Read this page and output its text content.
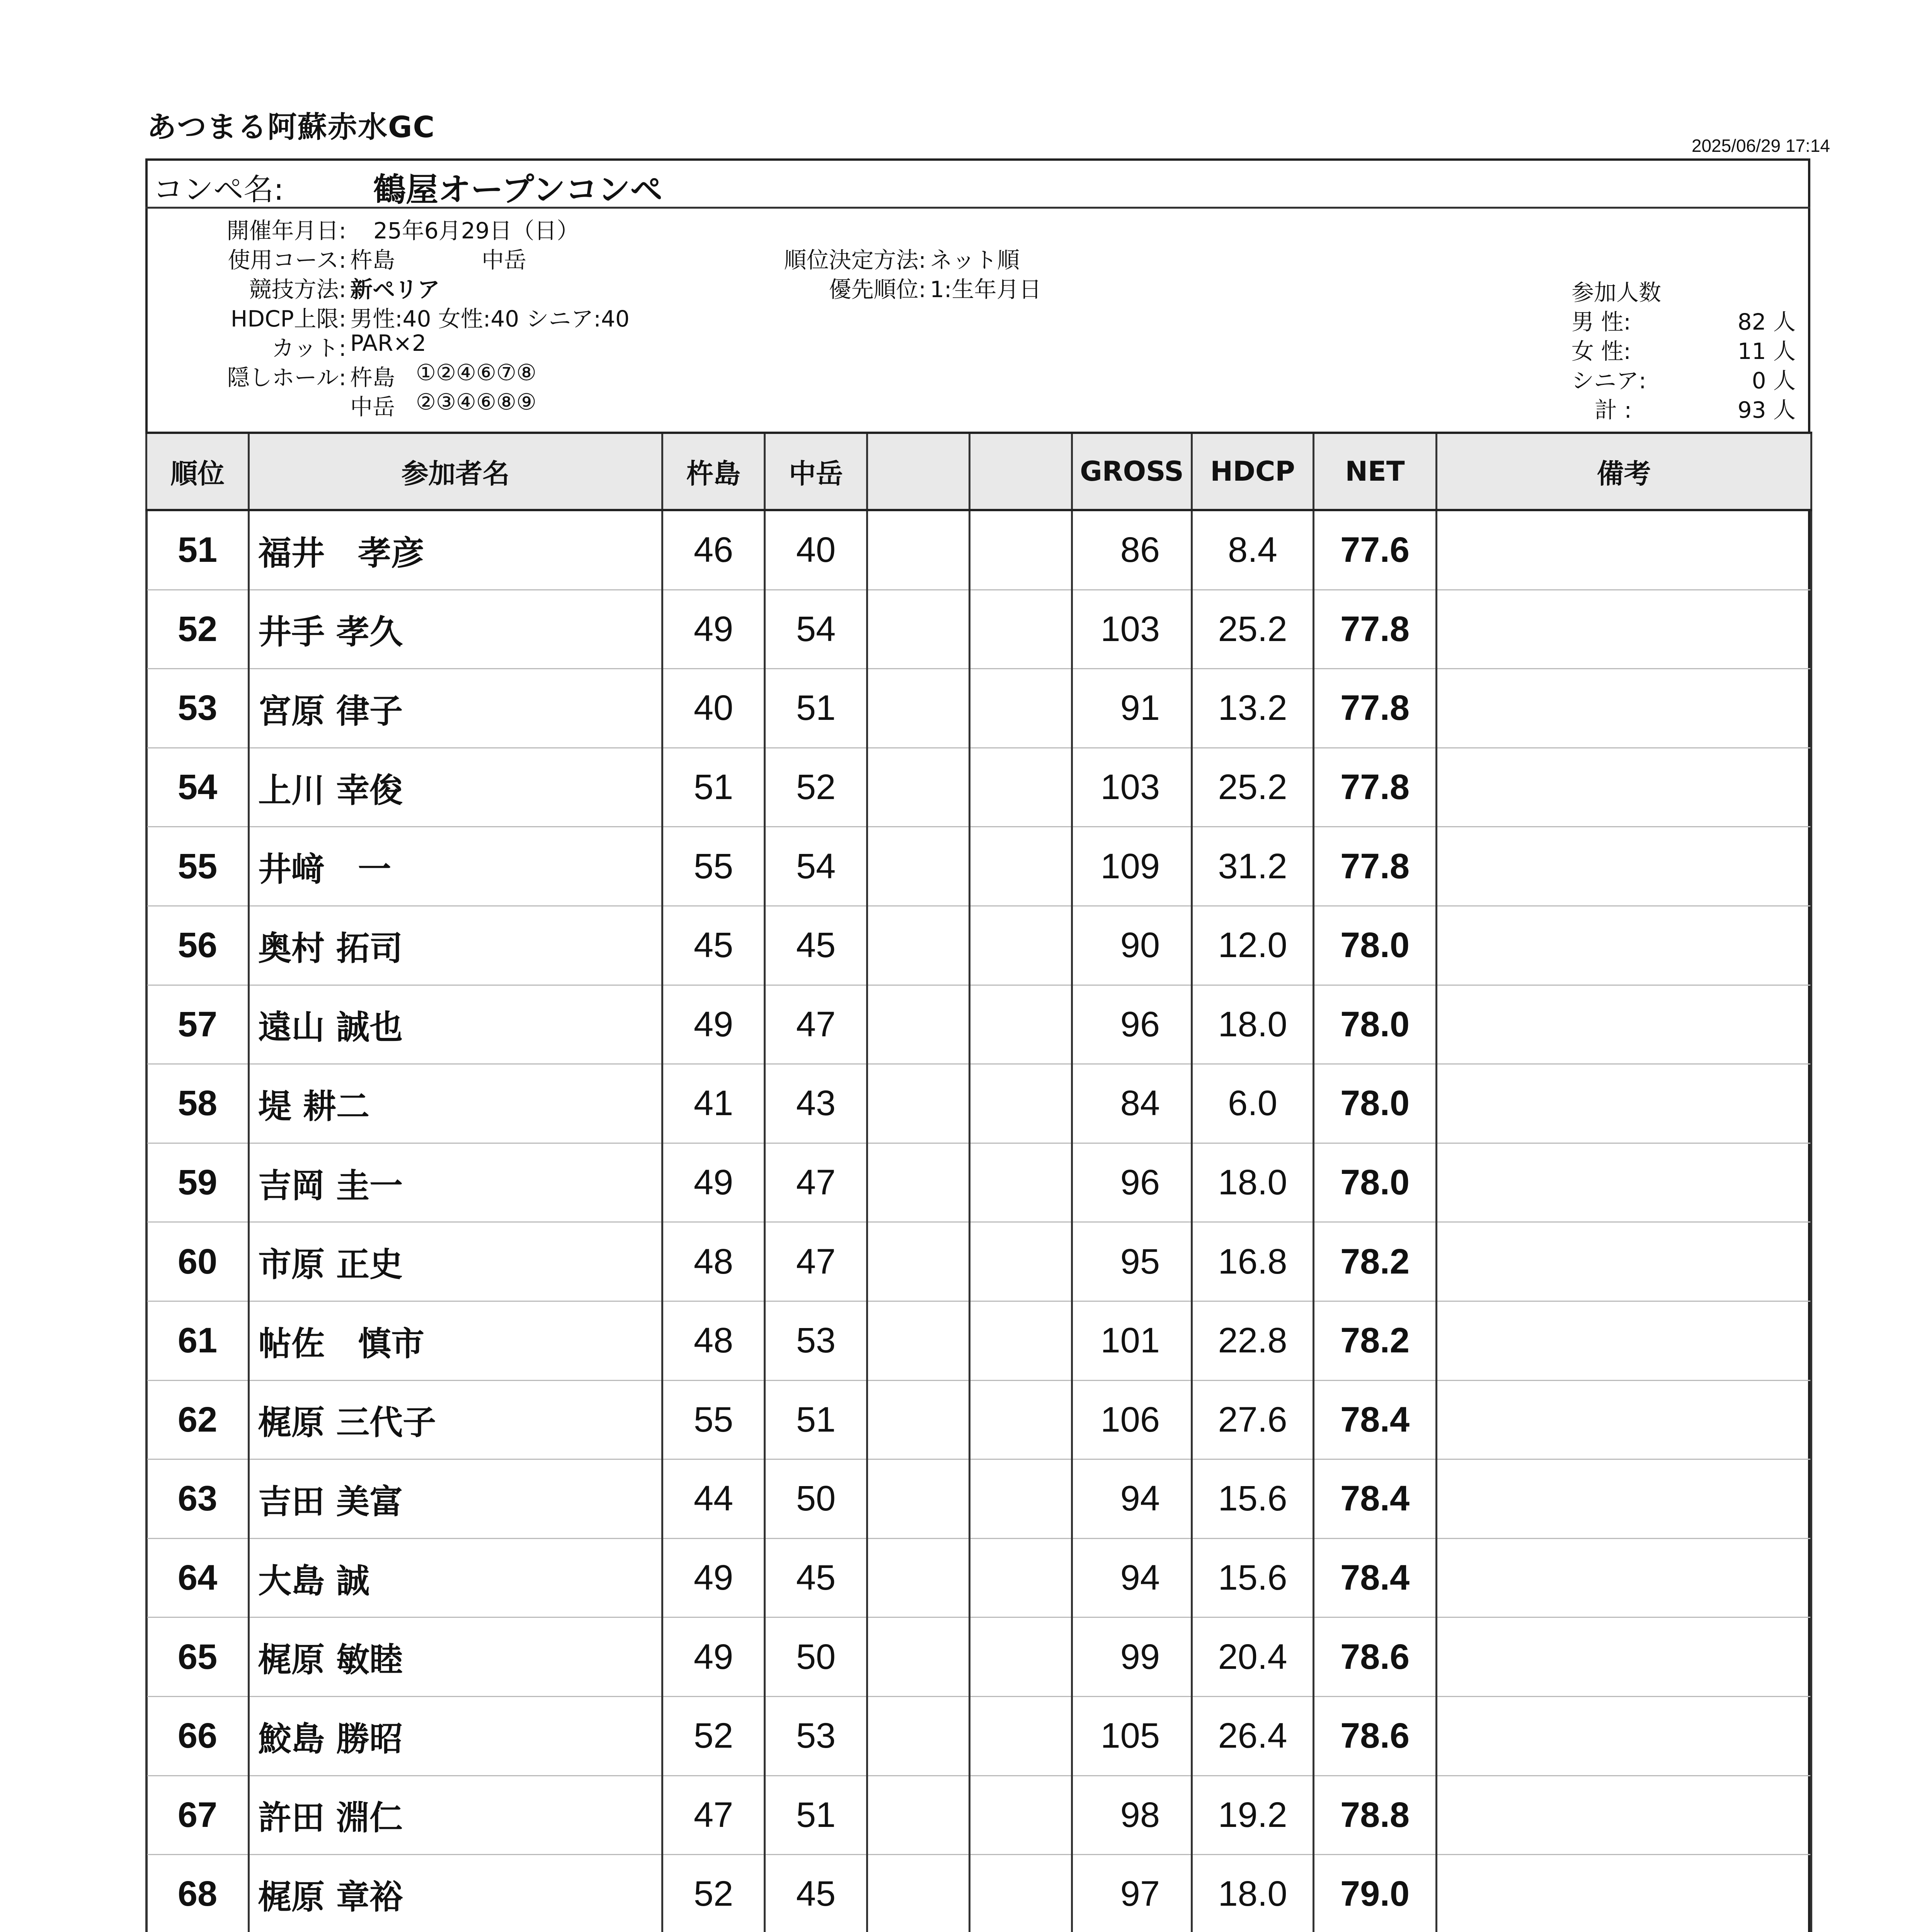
あつまる阿蘇赤水GC
2025/06/29 17:14
コンペ名:	鶴屋オープンコンペ
開催年月日: 25年6月29日（日）
使用コース: 杵島	中岳
競技方法: 新ペリア
HDCP上限: 男性:40 女性:40 シニア:40
カット: PAR×2
隠しホール: 杵島 ①②④⑥⑦⑧
中岳 ②③④⑥⑧⑨
順位決定方法: ネット順
優先順位: 1:生年月日	参加人数
男 性:	82 人
女 性:	11 人
シニア:	0 人
計 :	93 人
順位	参加者名	杵島	中岳			GROSS	HDCP	NET	備考
51	福井　孝彦	46	40			86	8.4	77.6	
52	井手 孝久	49	54			103	25.2	77.8	
53	宮原 律子	40	51			91	13.2	77.8	
54	上川 幸俊	51	52			103	25.2	77.8	
55	井﨑　一	55	54			109	31.2	77.8	
56	奥村 拓司	45	45			90	12.0	78.0	
57	遠山 誠也	49	47			96	18.0	78.0	
58	堤 耕二	41	43			84	6.0	78.0	
59	吉岡 圭一	49	47			96	18.0	78.0	
60	市原 正史	48	47			95	16.8	78.2	
61	帖佐　慎市	48	53			101	22.8	78.2	
62	梶原 三代子	55	51			106	27.6	78.4	
63	吉田 美富	44	50			94	15.6	78.4	
64	大島 誠	49	45			94	15.6	78.4	
65	梶原 敏睦	49	50			99	20.4	78.6	
66	鮫島 勝昭	52	53			105	26.4	78.6	
67	許田 淵仁	47	51			98	19.2	78.8	
68	梶原 章裕	52	45			97	18.0	79.0	
